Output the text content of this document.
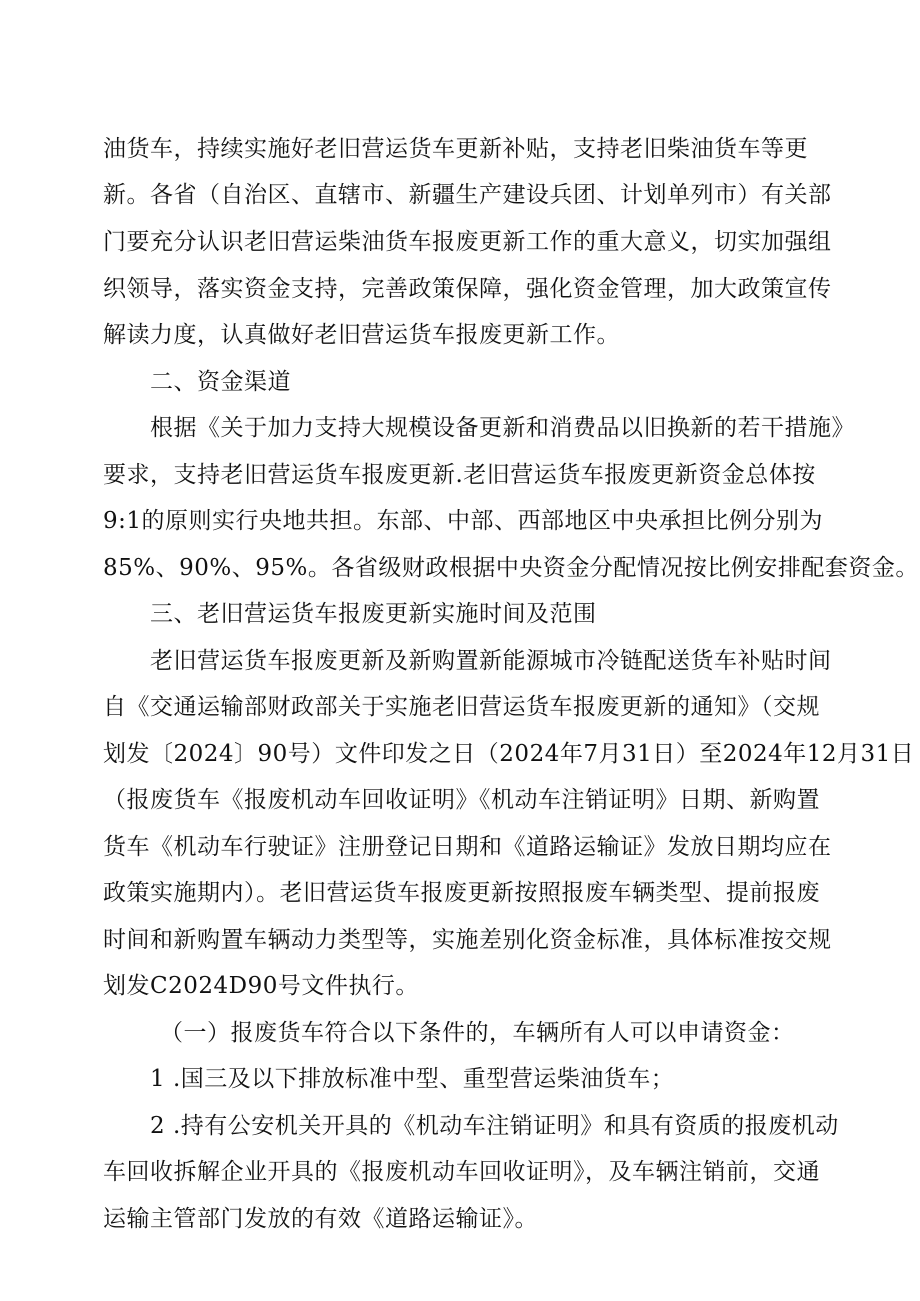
油货车，持续实施好老旧营运货车更新补贴，支持老旧柴油货车等更
新。各省（自治区、直辖市、新疆生产建设兵团、计划单列市）有关部
门要充分认识老旧营运柴油货车报废更新工作的重大意义，切实加强组
织领导，落实资金支持，完善政策保障，强化资金管理，加大政策宣传
解读力度，认真做好老旧营运货车报废更新工作。
二、资金渠道
根据《关于加力支持大规模设备更新和消费品以旧换新的若干措施》
要求，支持老旧营运货车报废更新.老旧营运货车报废更新资金总体按
9:1的原则实行央地共担。东部、中部、西部地区中央承担比例分别为
85%、90%、95%。各省级财政根据中央资金分配情况按比例安排配套资金。
三、老旧营运货车报废更新实施时间及范围
老旧营运货车报废更新及新购置新能源城市冷链配送货车补贴时间
自《交通运输部财政部关于实施老旧营运货车报废更新的通知》（交规
划发〔2024〕90号）文件印发之日（2024年7月31日）至2024年12月31日
（报废货车《报废机动车回收证明》《机动车注销证明》日期、新购置
货车《机动车行驶证》注册登记日期和《道路运输证》发放日期均应在
政策实施期内）。老旧营运货车报废更新按照报废车辆类型、提前报废
时间和新购置车辆动力类型等，实施差别化资金标准，具体标准按交规
划发C2024D90号文件执行。
（一）报废货车符合以下条件的，车辆所有人可以申请资金：
1 .国三及以下排放标准中型、重型营运柴油货车；
2 .持有公安机关开具的《机动车注销证明》和具有资质的报废机动
车回收拆解企业开具的《报废机动车回收证明》，及车辆注销前，交通
运输主管部门发放的有效《道路运输证》。
